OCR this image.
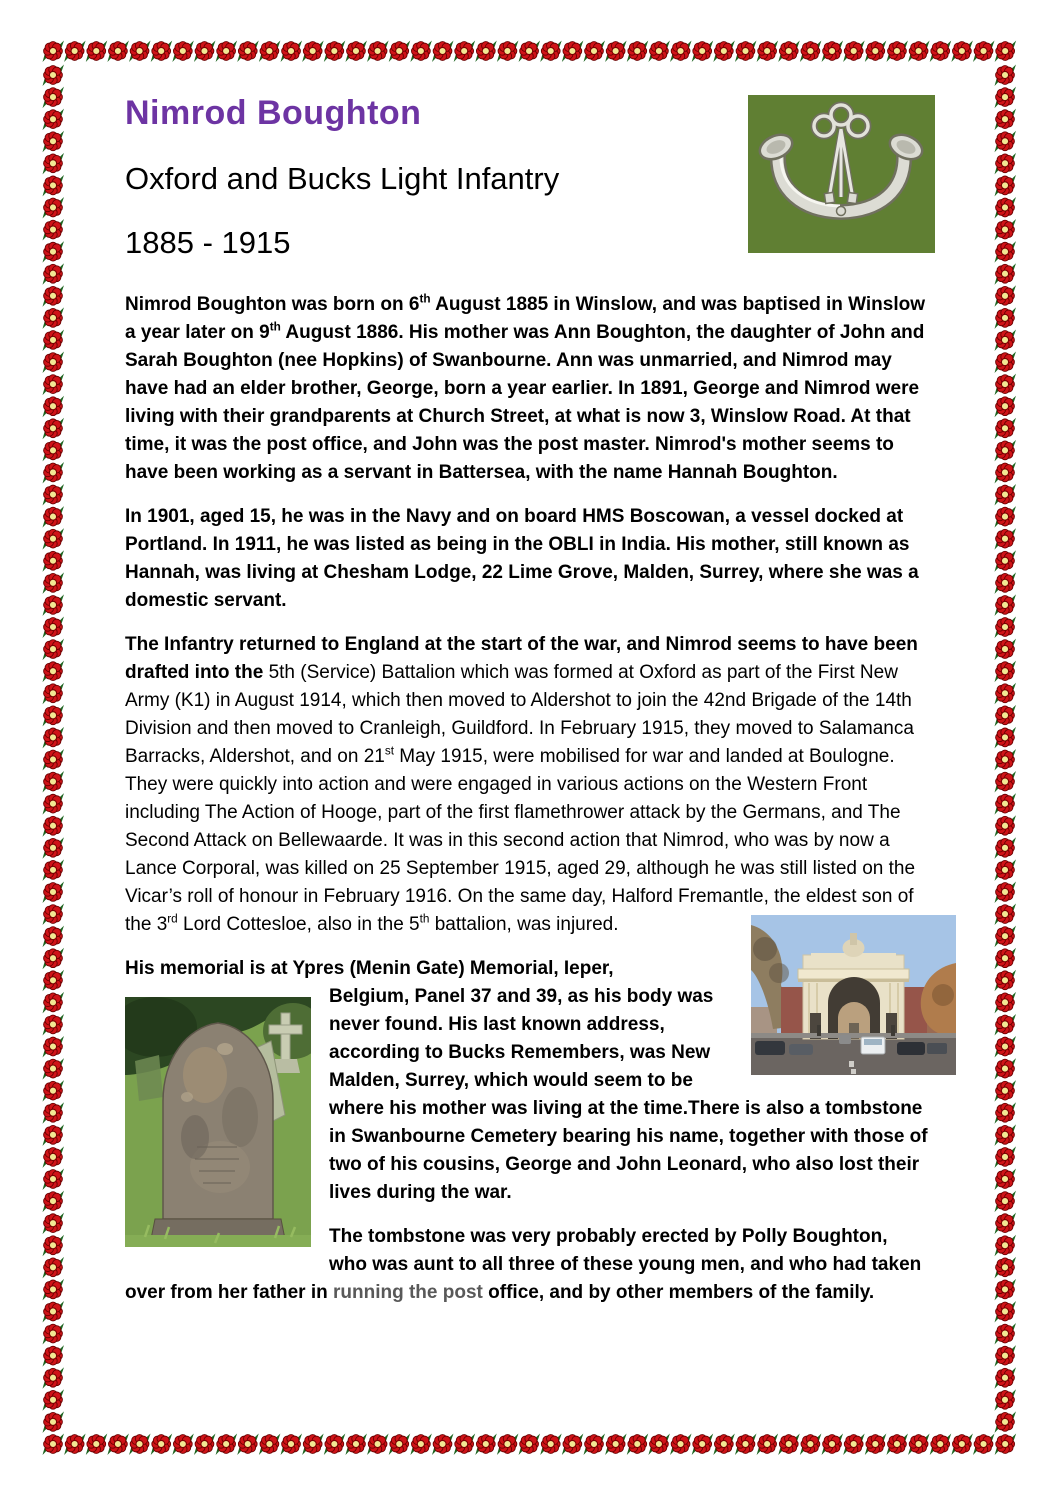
Nimrod Boughton
Oxford and Bucks Light Infantry
1885 - 1915

Nimrod Boughton was born on 6th August 1885 in Winslow, and was baptised in Winslow a year later on 9th August 1886. His mother was Ann Boughton, the daughter of John and Sarah Boughton (nee Hopkins) of Swanbourne. Ann was unmarried, and Nimrod may have had an elder brother, George, born a year earlier. In 1891, George and Nimrod were living with their grandparents at Church Street, at what is now 3, Winslow Road. At that time, it was the post office, and John was the post master. Nimrod's mother seems to have been working as a servant in Battersea, with the name Hannah Boughton.

In 1901, aged 15, he was in the Navy and on board HMS Boscowan, a vessel docked at Portland. In 1911, he was listed as being in the OBLI in India. His mother, still known as Hannah, was living at Chesham Lodge, 22 Lime Grove, Malden, Surrey, where she was a domestic servant.

The Infantry returned to England at the start of the war, and Nimrod seems to have been drafted into the 5th (Service) Battalion which was formed at Oxford as part of the First New Army (K1) in August 1914, which then moved to Aldershot to join the 42nd Brigade of the 14th Division and then moved to Cranleigh, Guildford. In February 1915, they moved to Salamanca Barracks, Aldershot, and on 21st May 1915, were mobilised for war and landed at Boulogne. They were quickly into action and were engaged in various actions on the Western Front including The Action of Hooge, part of the first flamethrower attack by the Germans, and The Second Attack on Bellewaarde. It was in this second action that Nimrod, who was by now a Lance Corporal, was killed on 25 September 1915, aged 29, although he was still listed on the Vicar’s roll of honour in February 1916. On the same day, Halford Fremantle, the
eldest son of the 3rd Lord Cottesloe, also in the 5th battalion, was injured.

His memorial is at Ypres (Menin Gate) Memorial, Ieper,

Belgium, Panel 37 and 39, as his body was never found. His last known address, according to Bucks Remembers, was New Malden, Surrey, which would seem to be where his mother was living at the time.There is also a tombstone in Swanbourne Cemetery bearing his name, together with those of two of his cousins, George and John Leonard, who also lost their lives during the war.

The tombstone was very probably erected by Polly Boughton, who was aunt to all three of these young men, and who had taken over from her father in running the post office, and by other members of the family.
